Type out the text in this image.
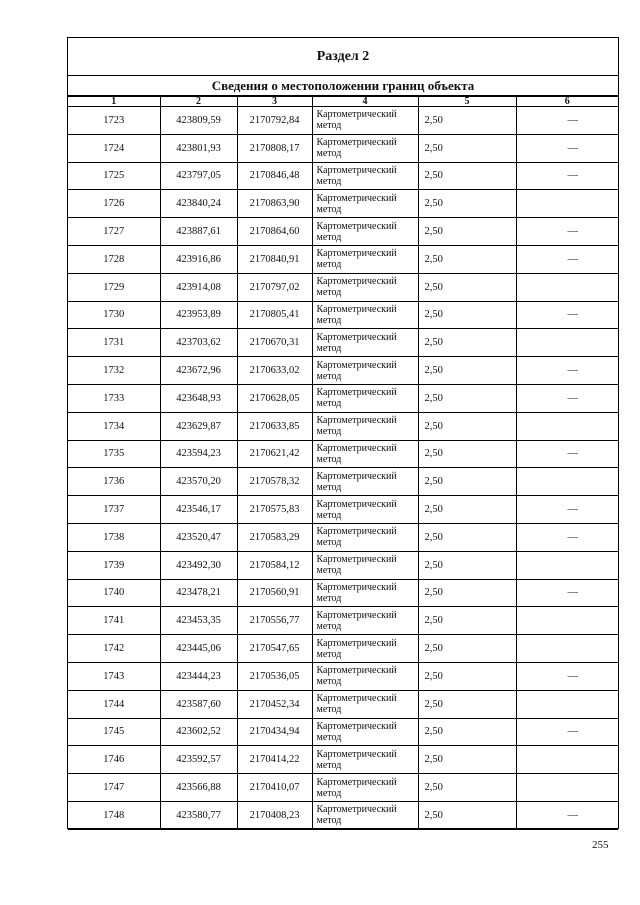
Раздел 2
Сведения о местоположении границ объекта
1	2	3	4	5	6
1723	423809,59	2170792,84	Картометрический метод	2,50	—
1724	423801,93	2170808,17	Картометрический метод	2,50	—
1725	423797,05	2170846,48	Картометрический метод	2,50	—
1726	423840,24	2170863,90	Картометрический метод	2,50	
1727	423887,61	2170864,60	Картометрический метод	2,50	—
1728	423916,86	2170840,91	Картометрический метод	2,50	—
1729	423914,08	2170797,02	Картометрический метод	2,50	
1730	423953,89	2170805,41	Картометрический метод	2,50	—
1731	423703,62	2170670,31	Картометрический метод	2,50	
1732	423672,96	2170633,02	Картометрический метод	2,50	—
1733	423648,93	2170628,05	Картометрический метод	2,50	—
1734	423629,87	2170633,85	Картометрический метод	2,50	
1735	423594,23	2170621,42	Картометрический метод	2,50	—
1736	423570,20	2170578,32	Картометрический метод	2,50	
1737	423546,17	2170575,83	Картометрический метод	2,50	—
1738	423520,47	2170583,29	Картометрический метод	2,50	—
1739	423492,30	2170584,12	Картометрический метод	2,50	
1740	423478,21	2170560,91	Картометрический метод	2,50	—
1741	423453,35	2170556,77	Картометрический метод	2,50	
1742	423445,06	2170547,65	Картометрический метод	2,50	
1743	423444,23	2170536,05	Картометрический метод	2,50	—
1744	423587,60	2170452,34	Картометрический метод	2,50	
1745	423602,52	2170434,94	Картометрический метод	2,50	—
1746	423592,57	2170414,22	Картометрический метод	2,50	
1747	423566,88	2170410,07	Картометрический метод	2,50	
1748	423580,77	2170408,23	Картометрический метод	2,50	—
255
